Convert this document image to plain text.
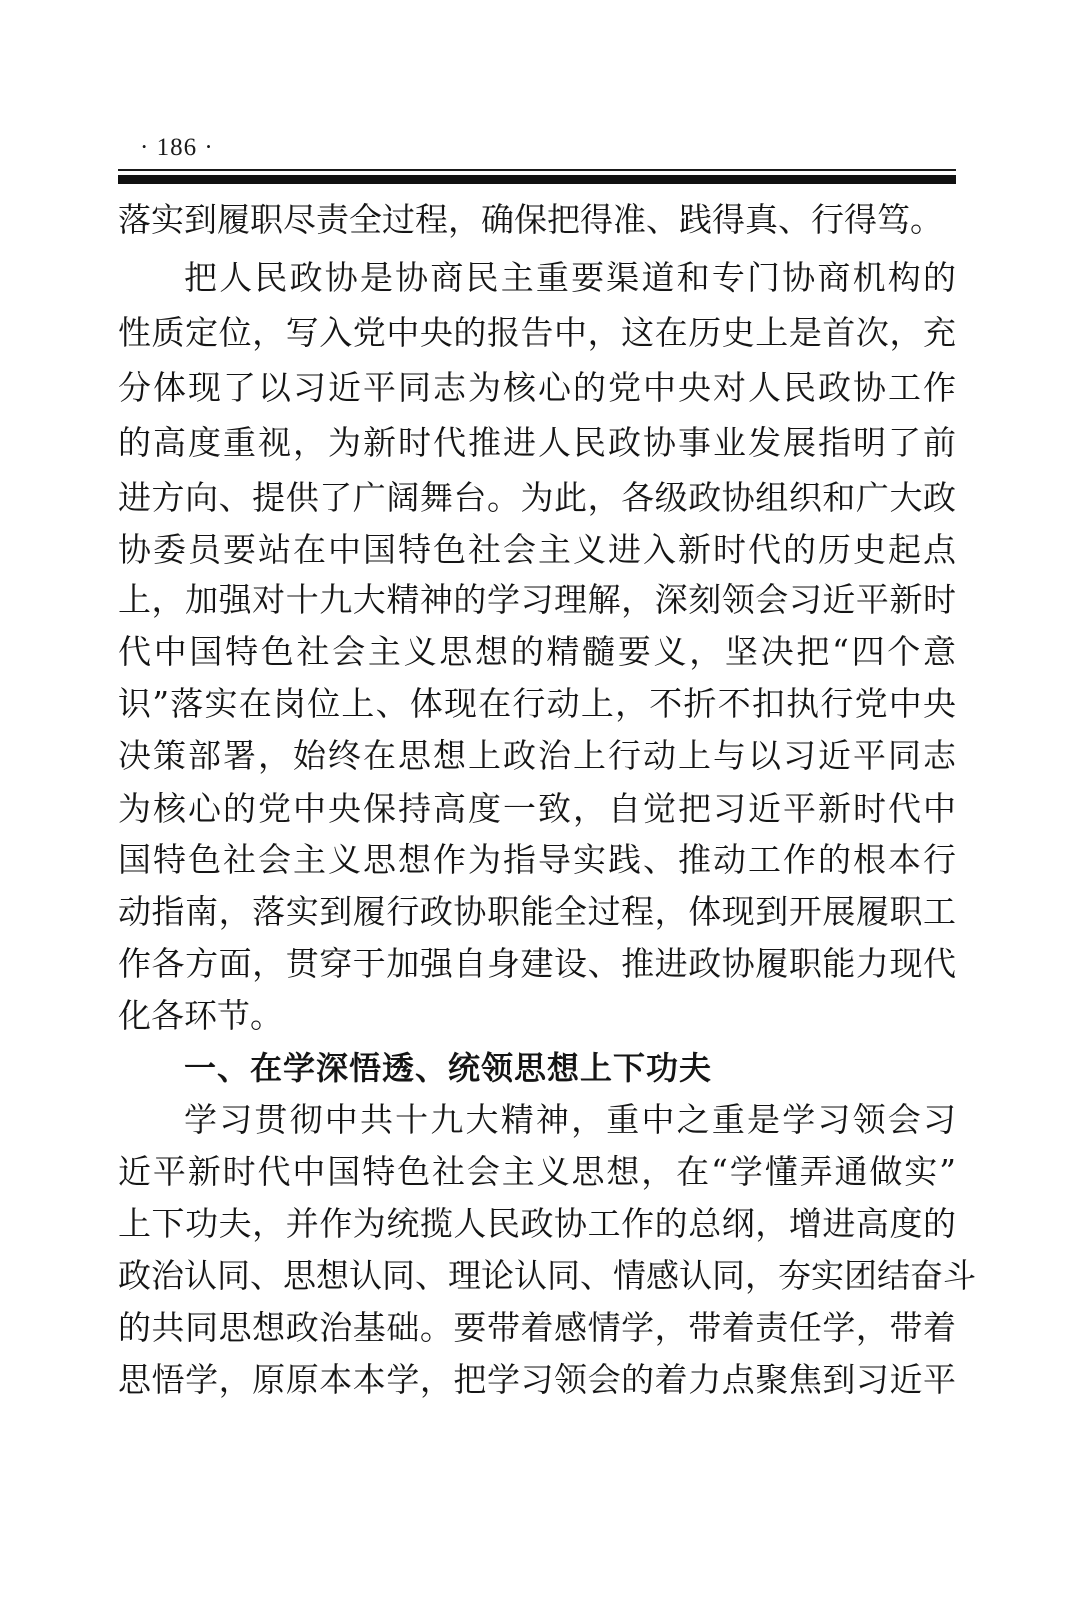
· 186 ·
落实到履职尽责全过程，确保把得准、践得真、行得笃。
把人民政协是协商民主重要渠道和专门协商机构的
性质定位，写入党中央的报告中，这在历史上是首次，充
分体现了以习近平同志为核心的党中央对人民政协工作
的高度重视，为新时代推进人民政协事业发展指明了前
进方向、提供了广阔舞台。为此，各级政协组织和广大政
协委员要站在中国特色社会主义进入新时代的历史起点
上，加强对十九大精神的学习理解，深刻领会习近平新时
代中国特色社会主义思想的精髓要义，坚决把“四个意
识”落实在岗位上、体现在行动上，不折不扣执行党中央
决策部署，始终在思想上政治上行动上与以习近平同志
为核心的党中央保持高度一致，自觉把习近平新时代中
国特色社会主义思想作为指导实践、推动工作的根本行
动指南，落实到履行政协职能全过程，体现到开展履职工
作各方面，贯穿于加强自身建设、推进政协履职能力现代
化各环节。
一、在学深悟透、统领思想上下功夫
学习贯彻中共十九大精神，重中之重是学习领会习
近平新时代中国特色社会主义思想，在“学懂弄通做实”
上下功夫，并作为统揽人民政协工作的总纲，增进高度的
政治认同、思想认同、理论认同、情感认同，夯实团结奋斗
的共同思想政治基础。要带着感情学，带着责任学，带着
思悟学，原原本本学，把学习领会的着力点聚焦到习近平
